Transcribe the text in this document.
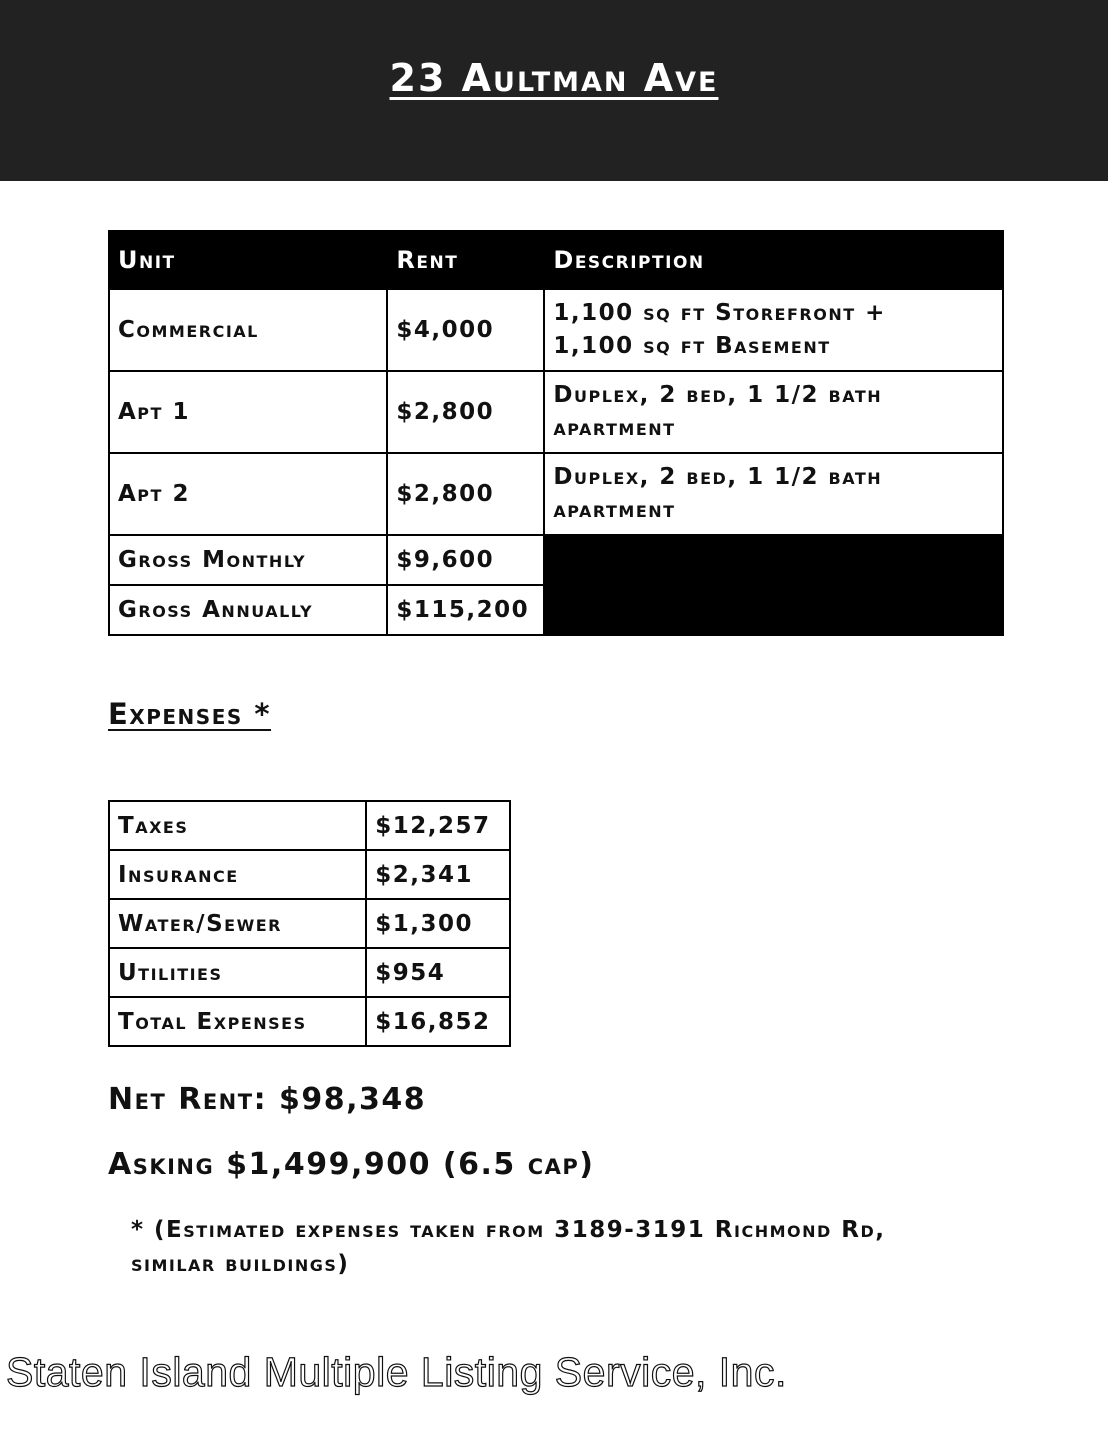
23 Aultman Ave
Unit	Rent	Description
Commercial	$4,000	1,100 sq ft Storefront +
1,100 sq ft Basement
Apt 1	$2,800	Duplex, 2 bed, 1 1/2 bath
apartment
Apt 2	$2,800	Duplex, 2 bed, 1 1/2 bath
apartment
Gross Monthly	$9,600	
Gross Annually	$115,200	
Expenses *
Taxes	$12,257
Insurance	$2,341
Water/Sewer	$1,300
Utilities	$954
Total Expenses	$16,852

Net Rent: $98,348

Asking $1,499,900 (6.5 cap)

* (Estimated expenses taken from 3189-3191 Richmond Rd,
similar buildings)

Staten Island Multiple Listing Service, Inc.
